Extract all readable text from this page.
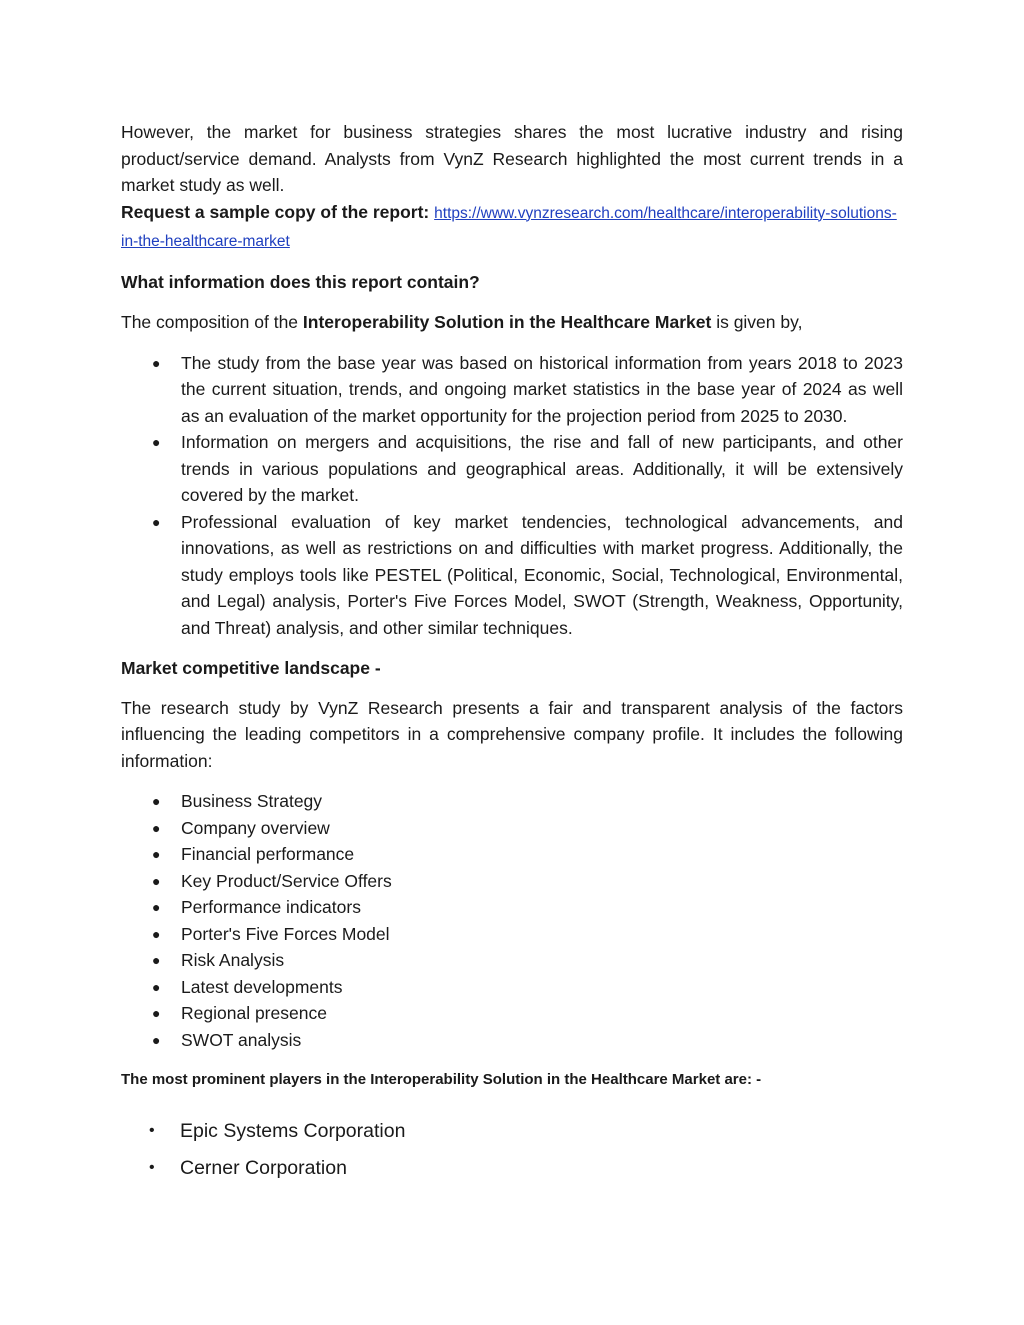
However, the market for business strategies shares the most lucrative industry and rising product/service demand. Analysts from VynZ Research highlighted the most current trends in a market study as well.

Request a sample copy of the report: https://www.vynzresearch.com/healthcare/interoperability-solutions-in-the-healthcare-market

What information does this report contain?

The composition of the Interoperability Solution in the Healthcare Market is given by,

● The study from the base year was based on historical information from years 2018 to 2023 the current situation, trends, and ongoing market statistics in the base year of 2024 as well as an evaluation of the market opportunity for the projection period from 2025 to 2030.
● Information on mergers and acquisitions, the rise and fall of new participants, and other trends in various populations and geographical areas. Additionally, it will be extensively covered by the market.
● Professional evaluation of key market tendencies, technological advancements, and innovations, as well as restrictions on and difficulties with market progress. Additionally, the study employs tools like PESTEL (Political, Economic, Social, Technological, Environmental, and Legal) analysis, Porter's Five Forces Model, SWOT (Strength, Weakness, Opportunity, and Threat) analysis, and other similar techniques.

Market competitive landscape -

The research study by VynZ Research presents a fair and transparent analysis of the factors influencing the leading competitors in a comprehensive company profile. It includes the following information:

● Business Strategy
● Company overview
● Financial performance
● Key Product/Service Offers
● Performance indicators
● Porter's Five Forces Model
● Risk Analysis
● Latest developments
● Regional presence
● SWOT analysis

The most prominent players in the Interoperability Solution in the Healthcare Market are: -

• Epic Systems Corporation
• Cerner Corporation
